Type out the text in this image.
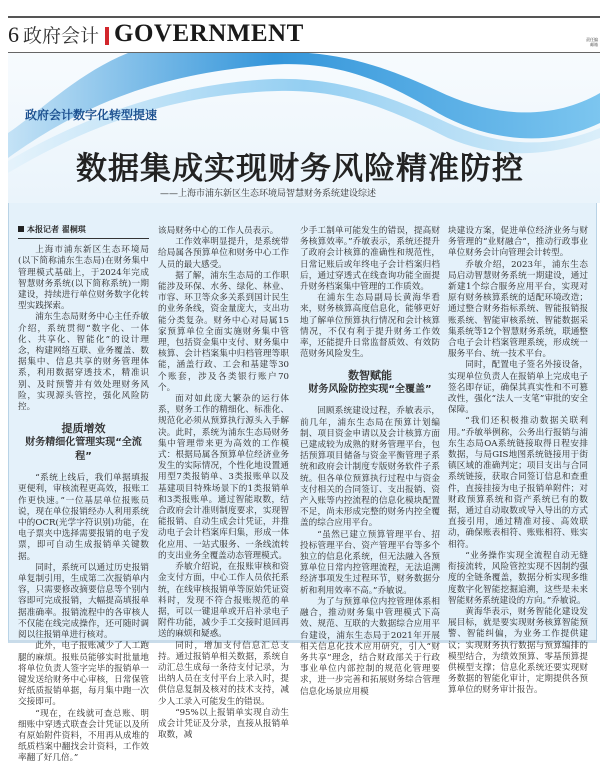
6 政府会计 GOVERNMENT	责任编
邮箱
政府会计数字化转型提速
数据集成实现财务风险精准防控
——上海市浦东新区生态环境局智慧财务系统建设综述
本报记者 翟桐琪

上海市浦东新区生态环境局(以下简称浦东生态局)在财务集中管理模式基础上，于2024年完成智慧财务系统(以下简称系统)一期建设，持续进行单位财务数字化转型实践探索。

浦东生态局财务中心主任乔敏介绍，系统贯彻“数字化、一体化、共享化、智能化”的设计理念，构建网络互联、业务覆盖、数据集中、信息共享的财务管理体系，利用数据穿透技术，精准识别、及时预警并有效处理财务风险，实现源头管控，强化风险防控。

提质增效
财务精细化管理实现“全流程”

“系统上线后，我们单据填报更便利，审核流程更高效，报账工作更快速。”一位基层单位报账员说，现在单位报销经办人利用系统中的OCR(光学字符识别)功能，在电子票夹中选择需要报销的电子发票，即可自动生成报销单关键数据。

同时，系统可以通过历史报销单复制引用，生成第二次报销单内容，只需要修改摘要信息等个别内容即可完成报销，大幅提高填报单据准确率。报销流程中的各审核人不仅能在线完成操作，还可随时调阅以往报销单进行核对。

此外，电子报账减少了人工跑腿的麻烦。报账员能够实时批量地将单位负责人签字完毕的报销单一键发送给财务中心审核，日常保管好纸质报销单据，每月集中跑一次交接即可。

“现在，在线就可查总账、明细账中穿透式联查会计凭证以及所有原始附件资料，不用再从成堆的纸质档案中翻找会计资料，工作效率翻了好几倍。”

该局财务中心的工作人员表示。

工作效率明显提升，是系统带给局属各预算单位和财务中心工作人员的最大感受。

据了解，浦东生态局的工作职能涉及环保、水务、绿化、林业、市容、环卫等众多关系到国计民生的业务条线，资金量庞大，支出功能分类复杂。财务中心对局属15家预算单位全面实施财务集中管理，包括资金集中支付、财务集中核算、会计档案集中归档管理等职能，涵盖行政、工会和基建等30个账套，涉及各类银行账户70个。

面对如此庞大繁杂的运行体系，财务工作的精细化、标准化、规范化必须从预算执行源头入手解决。此时，系统为浦东生态局财务集中管理带来更为高效的工作模式：根据局属各预算单位经济业务发生的实际情况，个性化地设置通用型7类报销单、3类报账单以及基建项目特殊场景下的1类报销单和3类报账单。通过智能取数，结合政府会计准则制度要求，实现智能报销、自动生成会计凭证，并推动电子会计档案库归集，形成一体化应用、一站式服务、一条线流转的支出业务全覆盖动态管理模式。

乔敏介绍说，在报账审核和资金支付方面，中心工作人员依托系统，在线审核报销单等原始凭证资料时，发现不符合报账规范的单据，可以一键退单或开启补录电子附件功能，减少手工交接时退回再送的麻烦和疑惑。

同时，增加支付信息汇总支持。通过报销单相关数据，系统自动汇总生成每一条待支付记录，为出纳人员在支付平台上录入时，提供信息复制及核对的技术支持，减少人工录入可能发生的错误。

“95%以上报销单实现自动生成会计凭证及分录，直接从报销单取数，减

少手工制单可能发生的错误，提高财务核算效率。”乔敏表示，系统还提升了政府会计核算的准确性和规范性，日常记账后或年终电子会计档案归档后，通过穿透式在线查询功能全面提升财务档案集中管理的工作质效。

在浦东生态局副局长黄海华看来，财务核算高度信息化，能够更好地了解单位预算执行情况和会计核算情况，不仅有利于提升财务工作效率，还能提升日常监督质效、有效防范财务风险发生。

数智赋能
财务风险防控实现“全覆盖”

回顾系统建设过程，乔敏表示，前几年，浦东生态局在预算计划编制、项目资金申请以及会计核算方面已建成较为成熟的财务管理平台，包括预算项目储备与资金平衡管理子系统和政府会计制度专版财务软件子系统。但各单位预算执行过程中与资金支付相关的合同签订、支出报销、资产入账等内控流程的信息化模块配置不足，尚未形成完整的财务内控全覆盖的综合应用平台。

“虽然已建立预算管理平台、招投标管理平台、资产管理平台等多个独立的信息化系统，但无法融入各预算单位日常内控管理流程，无法追溯经济事项发生过程环节，财务数据分析和利用效率不高。”乔敏说。

为了与预算单位内控管理体系相融合，推动财务集中管理模式下高效、规范、互联的大数据综合应用平台建设，浦东生态局于2021年开展相关信息化技术应用研究，引入“财务共享”理念，结合财政部关于行政事业单位内部控制的规范化管理要求，进一步完善和拓展财务综合管理信息化场景应用模

块建设方案，促进单位经济业务与财务管理的“业财融合”，推动行政事业单位财务会计向管理会计转型。

乔敏介绍，2023年，浦东生态局启动智慧财务系统一期建设，通过新建1个综合服务应用平台，实现对原有财务核算系统的适配环境改造；通过整合财务指标系统、智能报销报账系统、智能审核系统、智能数据采集系统等12个智慧财务系统，联通整合电子会计档案管理系统，形成统一服务平台、统一技术平台。

同时，配置电子签名外接设备，实现单位负责人在报销单上完成电子签名即存证，确保其真实性和不可篡改性，强化“法人一支笔”审批的安全保障。

“我们还积极推动数据关联利用。”乔敏举例称，公务出行报销与浦东生态局OA系统链接取得日程安排数据，与局GIS地图系统链接用于街镇区域的准确判定；项目支出与合同系统链接，获取合同签订信息和查重件，直接挂接为电子报销单附件；对财政预算系统和资产系统已有的数据，通过自动取数或导入导出的方式直接引用，通过精准对接、高效联动，确保账表相符、账账相符、账实相符。

“业务操作实现全流程自动无缝衔接流转，风险管控实现不因制约强度的全链条覆盖，数据分析实现多维度数字化智能挖掘追溯，这些是未来智能财务系统建设的方向。”乔敏说。

黄海华表示，财务智能化建设发展目标，就是要实现财务核算智能预警、智能纠偏，为业务工作提供建议；实现财务执行数据与预算编排的模型结合，为绩效预算、零基预算提供模型支撑；信息化系统还要实现财务数据的智能化审计，定期提供各预算单位的财务审计报告。
